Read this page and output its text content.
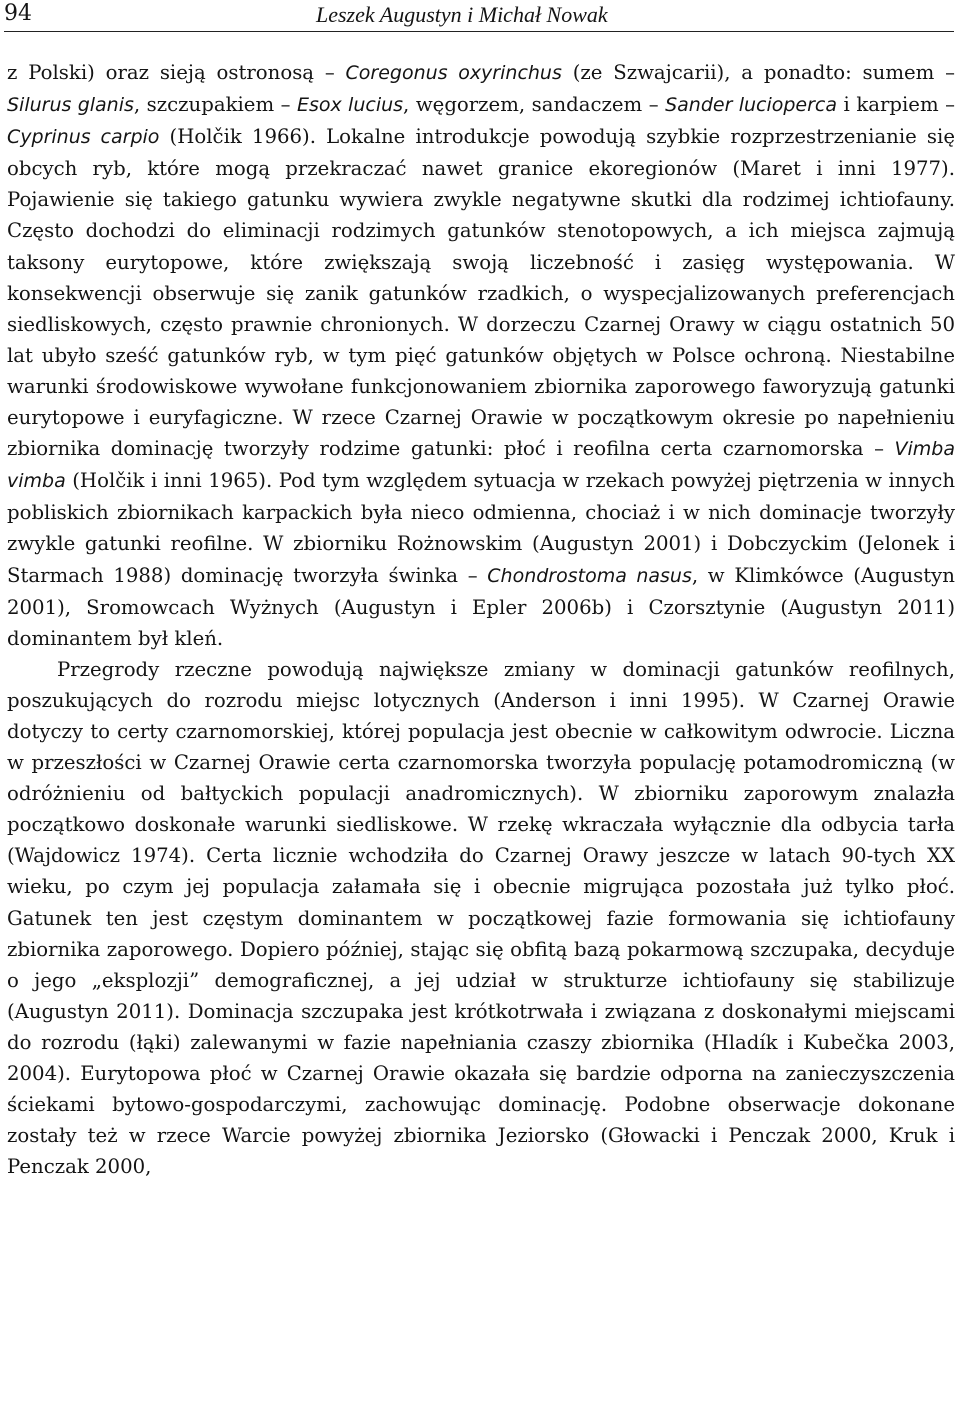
94	Leszek Augustyn i Michał Nowak

z Polski) oraz sieją ostronosą – Coregonus oxyrinchus (ze Szwajcarii), a ponadto: sumem – Silurus glanis, szczupakiem – Esox lucius, węgorzem, sandaczem – Sander lucioperca i karpiem – Cyprinus carpio (Holčik 1966). Lokalne introdukcje powodują szybkie rozprzestrzenianie się obcych ryb, które mogą przekraczać nawet granice ekoregionów (Maret i inni 1977). Pojawienie się takiego gatunku wywiera zwykle negatywne skutki dla rodzimej ichtiofauny. Często dochodzi do eliminacji rodzimych gatunków stenotopowych, a ich miejsca zajmują taksony eurytopowe, które zwiększają swoją liczebność i zasięg występowania. W konsekwencji obserwuje się zanik gatunków rzadkich, o wyspecjalizowanych preferencjach siedliskowych, często prawnie chronionych. W dorzeczu Czarnej Orawy w ciągu ostatnich 50 lat ubyło sześć gatunków ryb, w tym pięć gatunków objętych w Polsce ochroną. Niestabilne warunki środowiskowe wywołane funkcjonowaniem zbiornika zaporowego faworyzują gatunki eurytopowe i euryfagiczne. W rzece Czarnej Orawie w początkowym okresie po napełnieniu zbiornika dominację tworzyły rodzime gatunki: płoć i reofilna certa czarnomorska – Vimba vimba (Holčik i inni 1965). Pod tym względem sytuacja w rzekach powyżej piętrzenia w innych pobliskich zbiornikach karpackich była nieco odmienna, chociaż i w nich dominacje tworzyły zwykle gatunki reofilne. W zbiorniku Rożnowskim (Augustyn 2001) i Dobczyckim (Jelonek i Starmach 1988) dominację tworzyła świnka – Chondrostoma nasus, w Klimkówce (Augustyn 2001), Sromowcach Wyżnych (Augustyn i Epler 2006b) i Czorsztynie (Augustyn 2011) dominantem był kleń.

Przegrody rzeczne powodują największe zmiany w dominacji gatunków reofilnych, poszukujących do rozrodu miejsc lotycznych (Anderson i inni 1995). W Czarnej Orawie dotyczy to certy czarnomorskiej, której populacja jest obecnie w całkowitym odwrocie. Liczna w przeszłości w Czarnej Orawie certa czarnomorska tworzyła populację potamodromiczną (w odróżnieniu od bałtyckich populacji anadromicznych). W zbiorniku zaporowym znalazła początkowo doskonałe warunki siedliskowe. W rzekę wkraczała wyłącznie dla odbycia tarła (Wajdowicz 1974). Certa licznie wchodziła do Czarnej Orawy jeszcze w latach 90-tych XX wieku, po czym jej populacja załamała się i obecnie migrująca pozostała już tylko płoć. Gatunek ten jest częstym dominantem w początkowej fazie formowania się ichtiofauny zbiornika zaporowego. Dopiero później, stając się obfitą bazą pokarmową szczupaka, decyduje o jego „eksplozji” demograficznej, a jej udział w strukturze ichtiofauny się stabilizuje (Augustyn 2011). Dominacja szczupaka jest krótkotrwała i związana z doskonałymi miejscami do rozrodu (łąki) zalewanymi w fazie napełniania czaszy zbiornika (Hladík i Kubečka 2003, 2004). Eurytopowa płoć w Czarnej Orawie okazała się bardzie odporna na zanieczyszczenia ściekami bytowo-gospodarczymi, zachowując dominację. Podobne obserwacje dokonane zostały też w rzece Warcie powyżej zbiornika Jeziorsko (Głowacki i Penczak 2000, Kruk i Penczak 2000,
